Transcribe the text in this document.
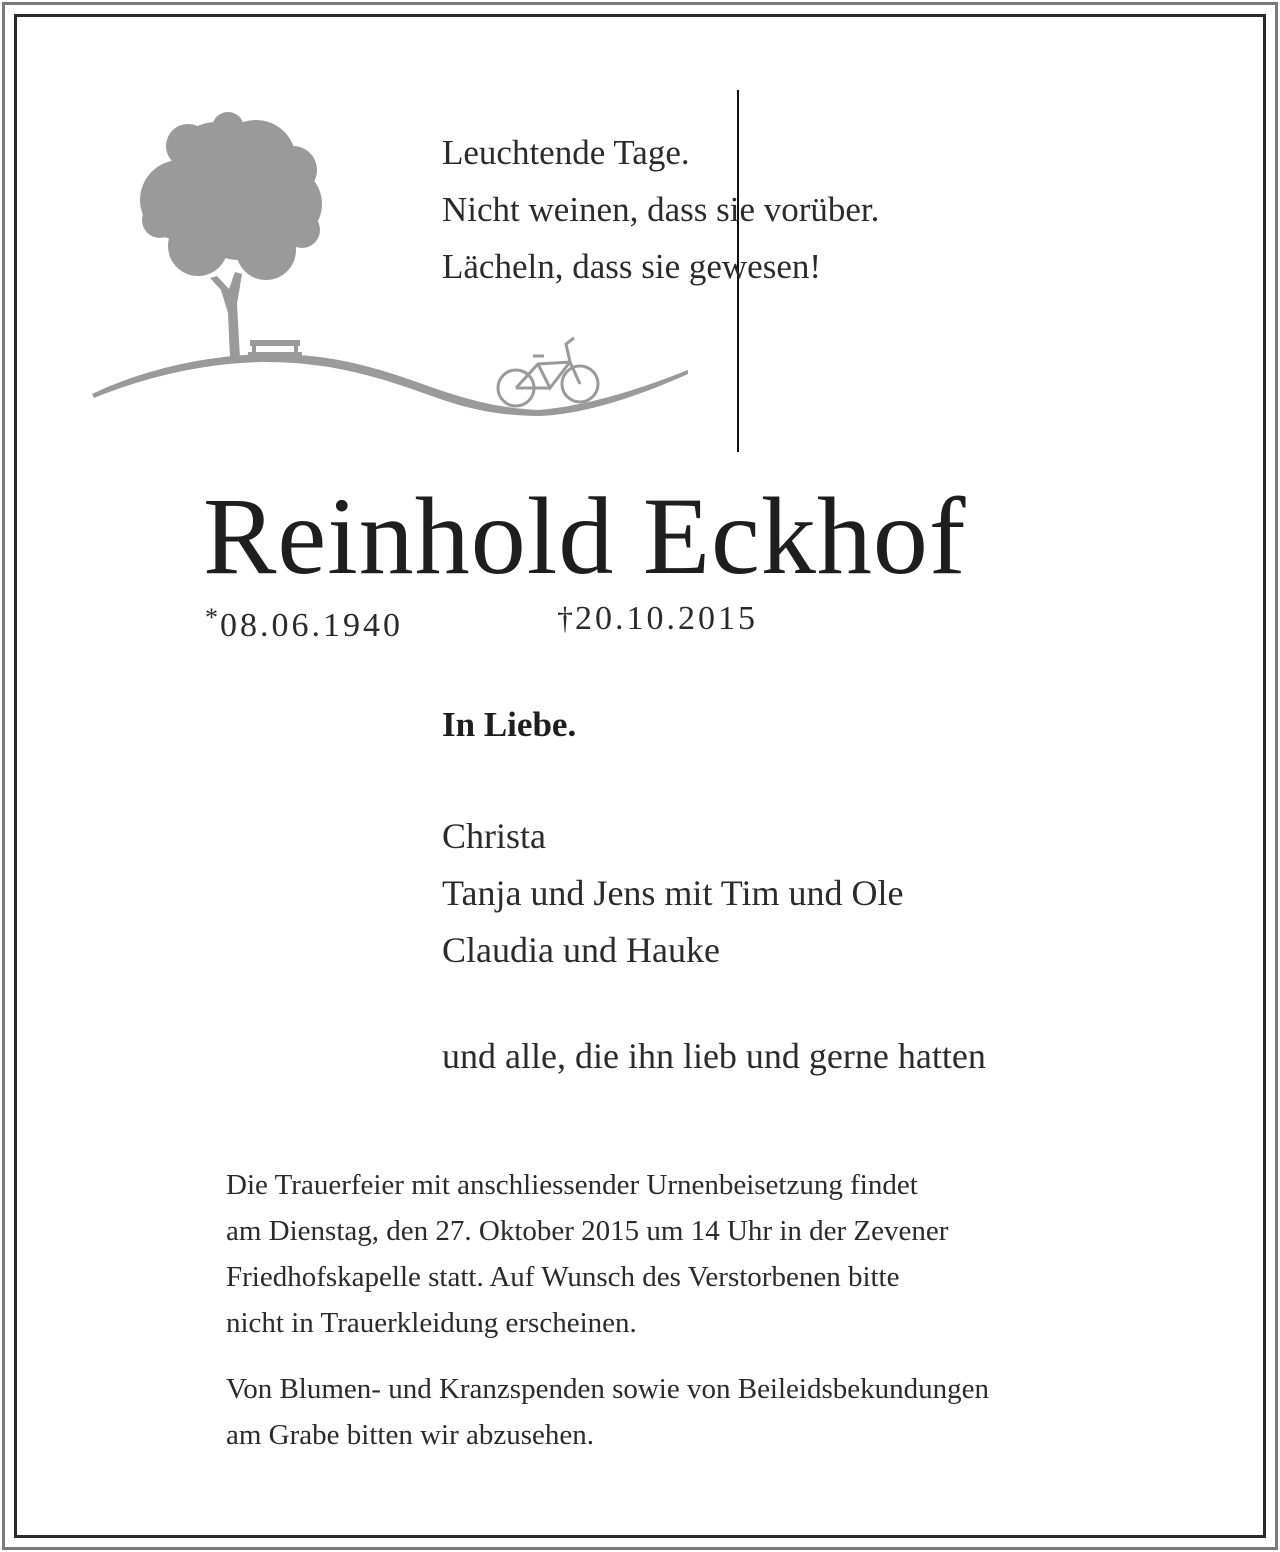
Leuchtende Tage.
Nicht weinen, dass sie vorüber.
Lächeln, dass sie gewesen!
Reinhold Eckhof
*08.06.1940	†20.10.2015
In Liebe.
Christa
Tanja und Jens mit Tim und Ole
Claudia und Hauke
und alle, die ihn lieb und gerne hatten
Die Trauerfeier mit anschliessender Urnenbeisetzung findet
am Dienstag, den 27. Oktober 2015 um 14 Uhr in der Zevener
Friedhofskapelle statt. Auf Wunsch des Verstorbenen bitte
nicht in Trauerkleidung erscheinen.
Von Blumen- und Kranzspenden sowie von Beileidsbekundungen
am Grabe bitten wir abzusehen.
